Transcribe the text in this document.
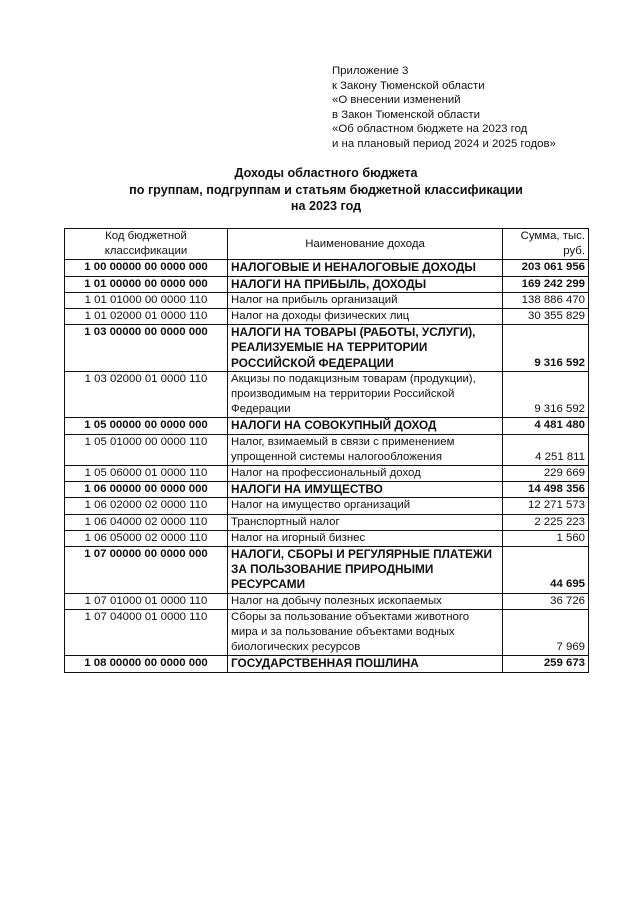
Приложение 3
к Закону Тюменской области
«О внесении изменений
в Закон Тюменской области
«Об областном бюджете на 2023 год
и на плановый период 2024 и 2025 годов»
Доходы областного бюджета
по группам, подгруппам и статьям бюджетной классификации
на 2023 год
Код бюджетной классификации	Наименование дохода	Сумма, тыс. руб.
1 00 00000 00 0000 000	НАЛОГОВЫЕ И НЕНАЛОГОВЫЕ ДОХОДЫ	203 061 956
1 01 00000 00 0000 000	НАЛОГИ НА ПРИБЫЛЬ, ДОХОДЫ	169 242 299
1 01 01000 00 0000 110	Налог на прибыль организаций	138 886 470
1 01 02000 01 0000 110	Налог на доходы физических лиц	30 355 829
1 03 00000 00 0000 000	НАЛОГИ НА ТОВАРЫ (РАБОТЫ, УСЛУГИ), РЕАЛИЗУЕМЫЕ НА ТЕРРИТОРИИ РОССИЙСКОЙ ФЕДЕРАЦИИ	9 316 592
1 03 02000 01 0000 110	Акцизы по подакцизным товарам (продукции), производимым на территории Российской Федерации	9 316 592
1 05 00000 00 0000 000	НАЛОГИ НА СОВОКУПНЫЙ ДОХОД	4 481 480
1 05 01000 00 0000 110	Налог, взимаемый в связи с применением упрощенной системы налогообложения	4 251 811
1 05 06000 01 0000 110	Налог на профессиональный доход	229 669
1 06 00000 00 0000 000	НАЛОГИ НА ИМУЩЕСТВО	14 498 356
1 06 02000 02 0000 110	Налог на имущество организаций	12 271 573
1 06 04000 02 0000 110	Транспортный налог	2 225 223
1 06 05000 02 0000 110	Налог на игорный бизнес	1 560
1 07 00000 00 0000 000	НАЛОГИ, СБОРЫ И РЕГУЛЯРНЫЕ ПЛАТЕЖИ ЗА ПОЛЬЗОВАНИЕ ПРИРОДНЫМИ РЕСУРСАМИ	44 695
1 07 01000 01 0000 110	Налог на добычу полезных ископаемых	36 726
1 07 04000 01 0000 110	Сборы за пользование объектами животного мира и за пользование объектами водных биологических ресурсов	7 969
1 08 00000 00 0000 000	ГОСУДАРСТВЕННАЯ ПОШЛИНА	259 673
